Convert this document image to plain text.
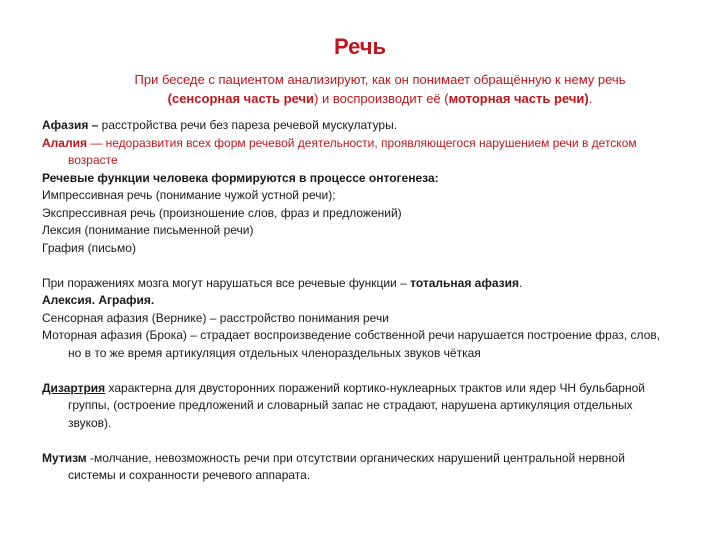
Речь
При беседе с пациентом анализируют, как он понимает обращённую к нему речь
(сенсорная часть речи) и воспроизводит её (моторная часть речи).

Афазия – расстройства речи без пареза речевой мускулатуры.

Алалия — недоразвития всех форм речевой деятельности, проявляющегося нарушением речи в детском возрасте

Речевые функции человека формируются в процессе онтогенеза:

Импрессивная речь (понимание чужой устной речи);

Экспрессивная речь (произношение слов, фраз и предложений)

Лексия (понимание письменной речи)

Графия (письмо)

При поражениях мозга могут нарушаться все речевые функции – тотальная афазия.

Алексия. Аграфия.

Сенсорная афазия (Вернике) – расстройство понимания речи

Моторная афазия (Брока) – страдает воспроизведение собственной речи нарушается построение фраз, слов, но в то же время артикуляция отдельных членораздельных звуков чёткая

Дизартрия характерна для двусторонних поражений кортико-нуклеарных трактов или ядер ЧН бульбарной группы, (остроение предложений и словарный запас не страдают, нарушена артикуляция отдельных звуков).

Мутизм -молчание, невозможность речи при отсутствии органических нарушений центральной нервной системы и сохранности речевого аппарата.
